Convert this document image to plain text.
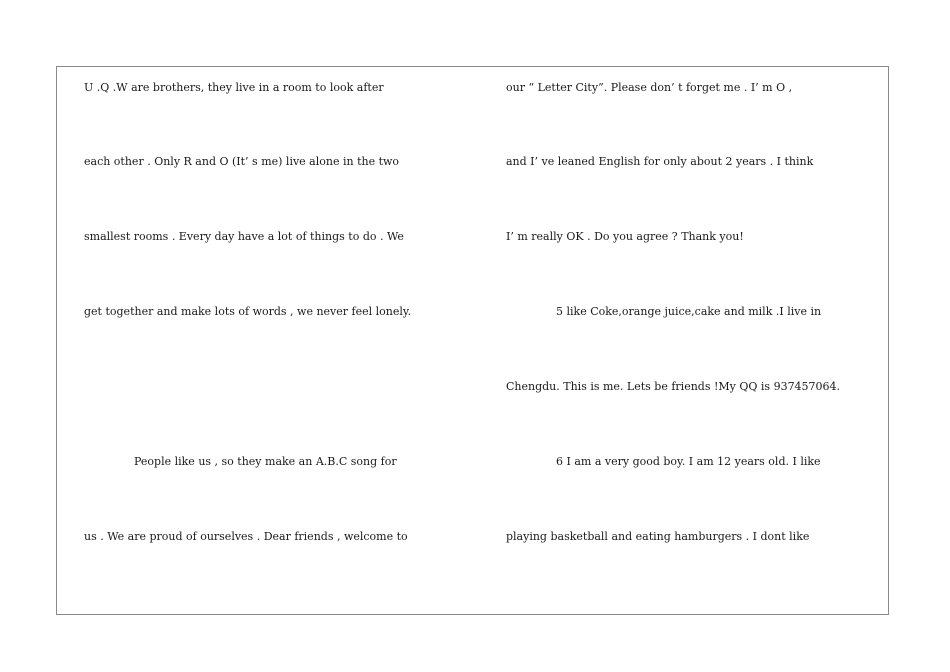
U .Q .W are brothers, they live in a room to look after
each other . Only R and O (It’ s me) live alone in the two
smallest rooms . Every day have a lot of things to do . We
get together and make lots of words , we never feel lonely.
People like us , so they make an A.B.C song for
us . We are proud of ourselves . Dear friends , welcome to
our “ Letter City”. Please don’ t forget me . I’ m O ,
and I’ ve leaned English for only about 2 years . I think
I’ m really OK . Do you agree ? Thank you!
5 like Coke,orange juice,cake and milk .I live in
Chengdu. This is me. Lets be friends !My QQ is 937457064.
6 I am a very good boy. I am 12 years old. I like
playing basketball and eating hamburgers . I dont like
